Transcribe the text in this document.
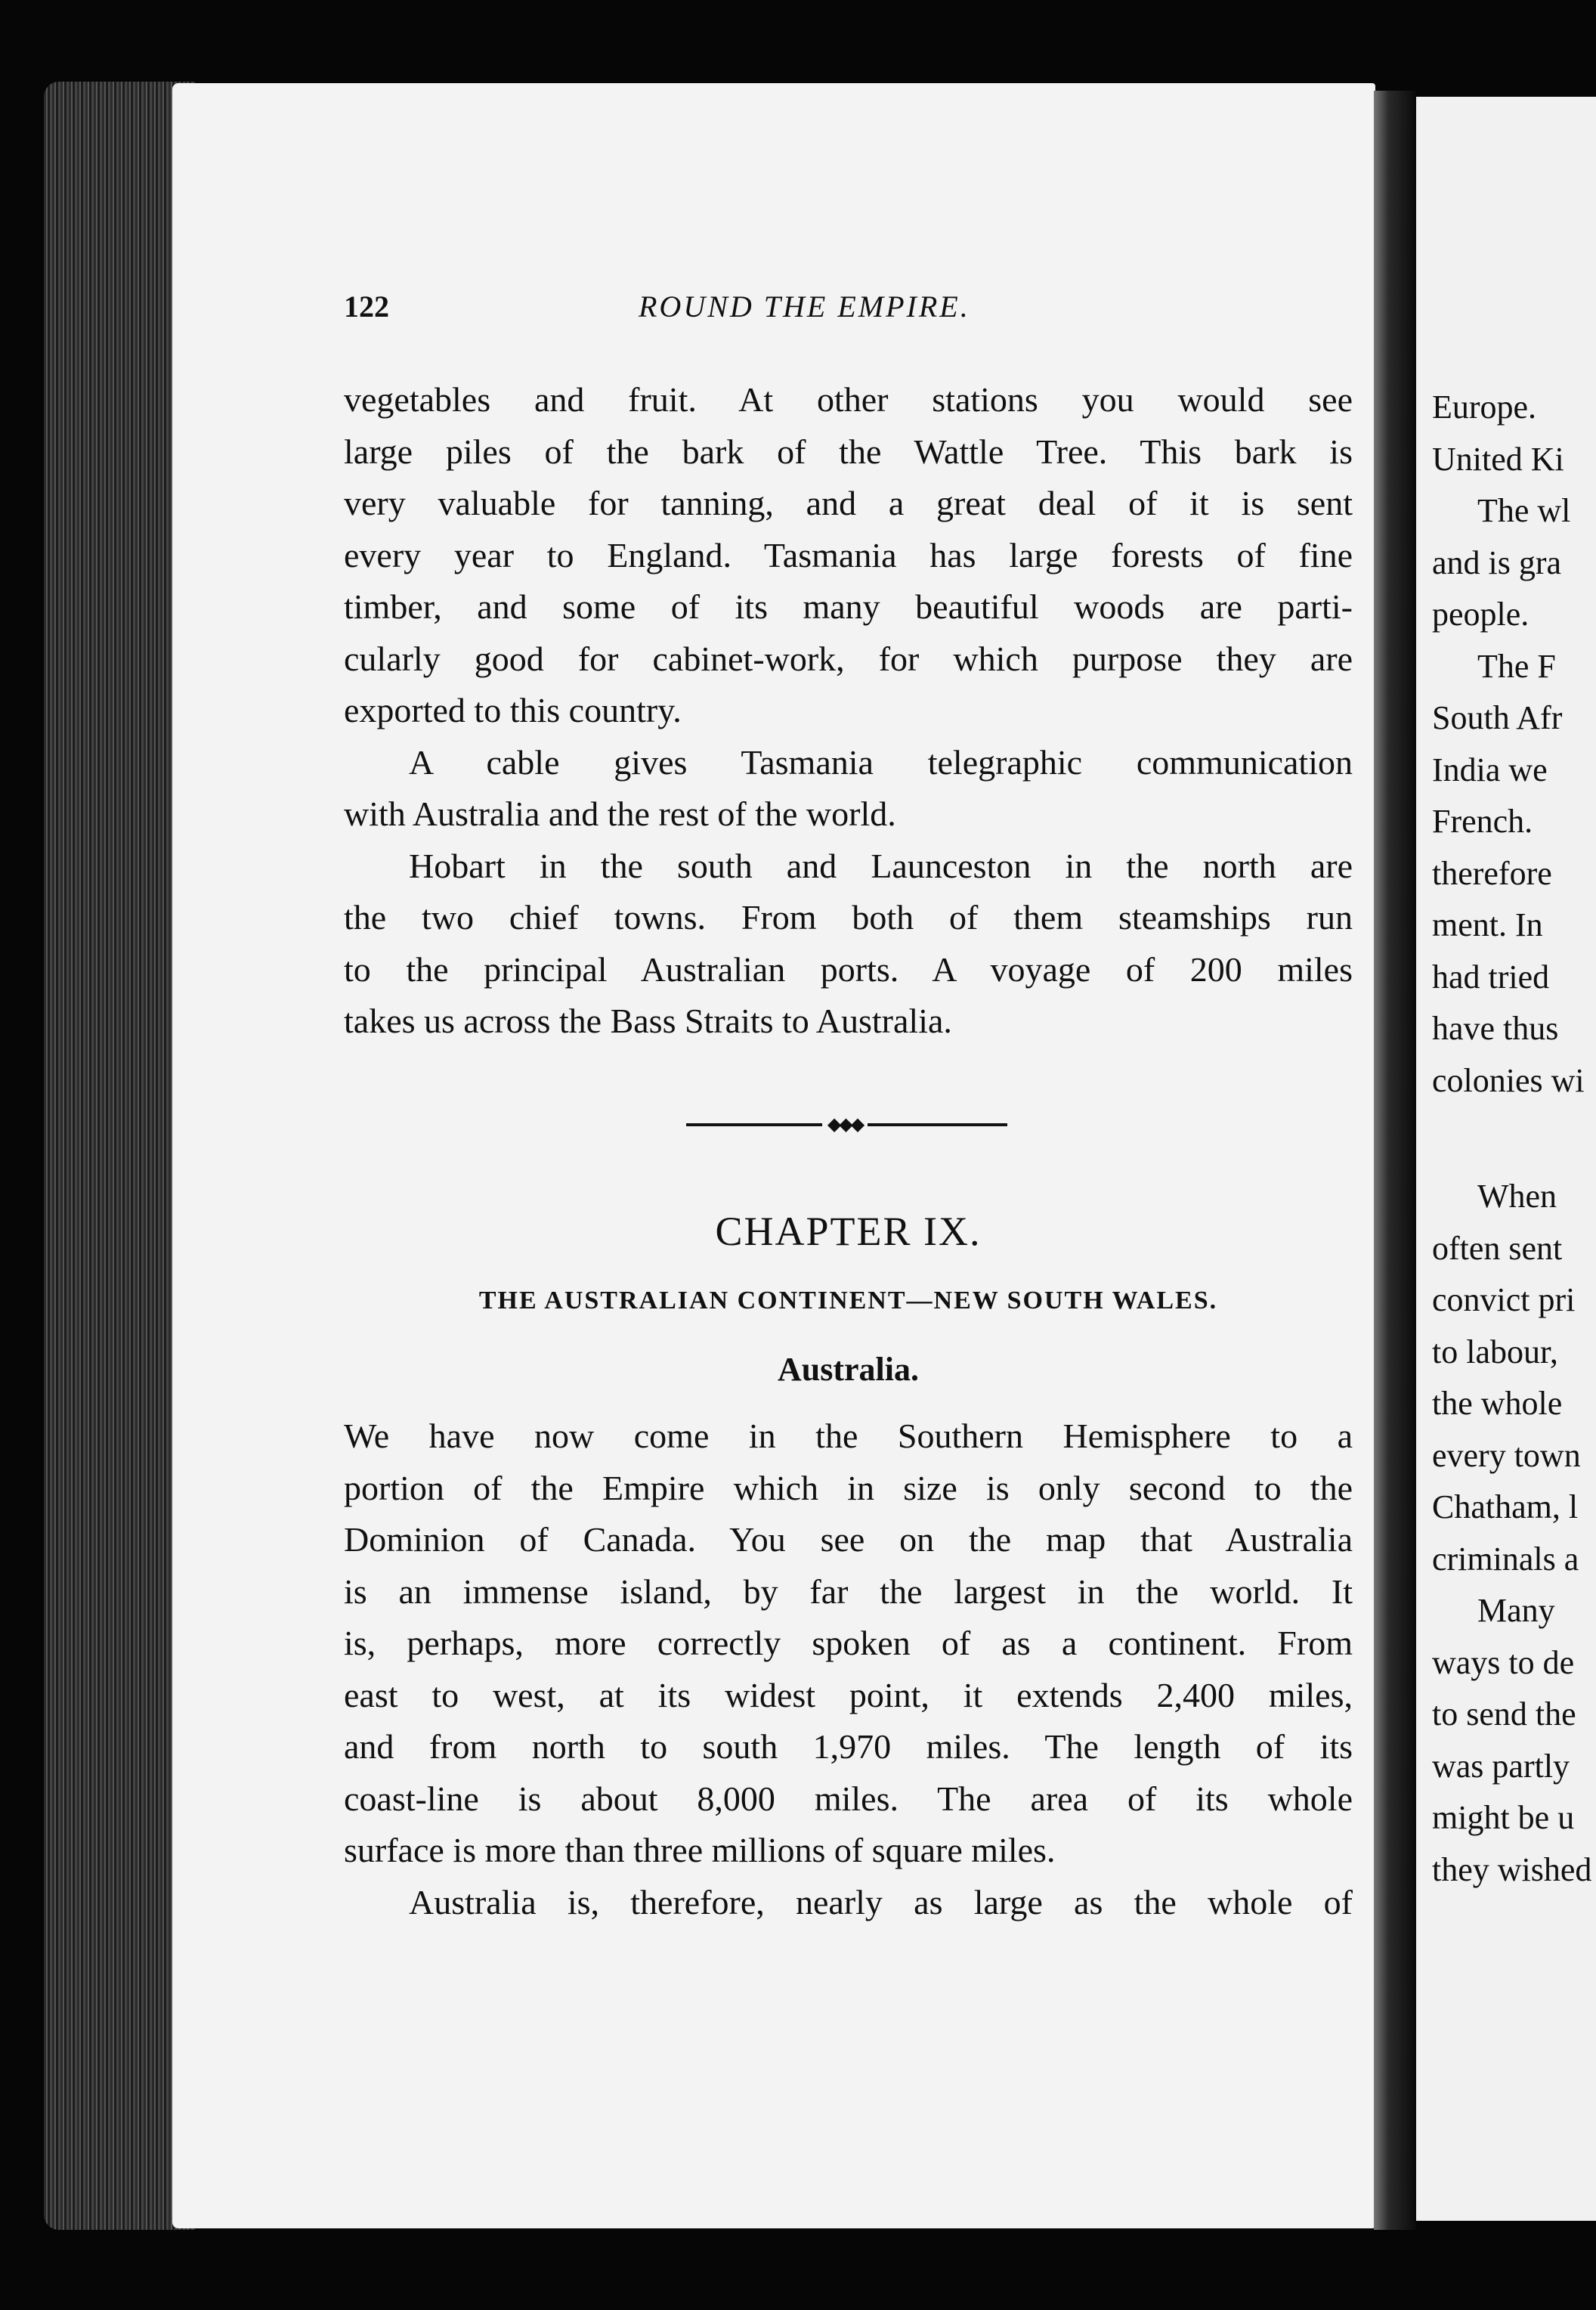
122	ROUND THE EMPIRE.
vegetables and fruit. At other stations you would see
large piles of the bark of the Wattle Tree. This bark is
very valuable for tanning, and a great deal of it is sent
every year to England. Tasmania has large forests of fine
timber, and some of its many beautiful woods are parti-
cularly good for cabinet-work, for which purpose they are
exported to this country.
A cable gives Tasmania telegraphic communication
with Australia and the rest of the world.
Hobart in the south and Launceston in the north are
the two chief towns. From both of them steamships run
to the principal Australian ports. A voyage of 200 miles
takes us across the Bass Straits to Australia.
◆◆◆
CHAPTER IX.
THE AUSTRALIAN CONTINENT—NEW SOUTH WALES.
Australia.
We have now come in the Southern Hemisphere to a
portion of the Empire which in size is only second to the
Dominion of Canada. You see on the map that Australia
is an immense island, by far the largest in the world. It
is, perhaps, more correctly spoken of as a continent. From
east to west, at its widest point, it extends 2,400 miles,
and from north to south 1,970 miles. The length of its
coast-line is about 8,000 miles. The area of its whole
surface is more than three millions of square miles.
Australia is, therefore, nearly as large as the whole of
Europe.
United Ki
The wl
and is gra
people.
The F
South Afr
India we
French.
therefore
ment. In
had tried
have thus
colonies wi
When
often sent
convict pri
to labour,
the whole
every town
Chatham, l
criminals a
Many
ways to de
to send the
was partly
might be u
they wished
